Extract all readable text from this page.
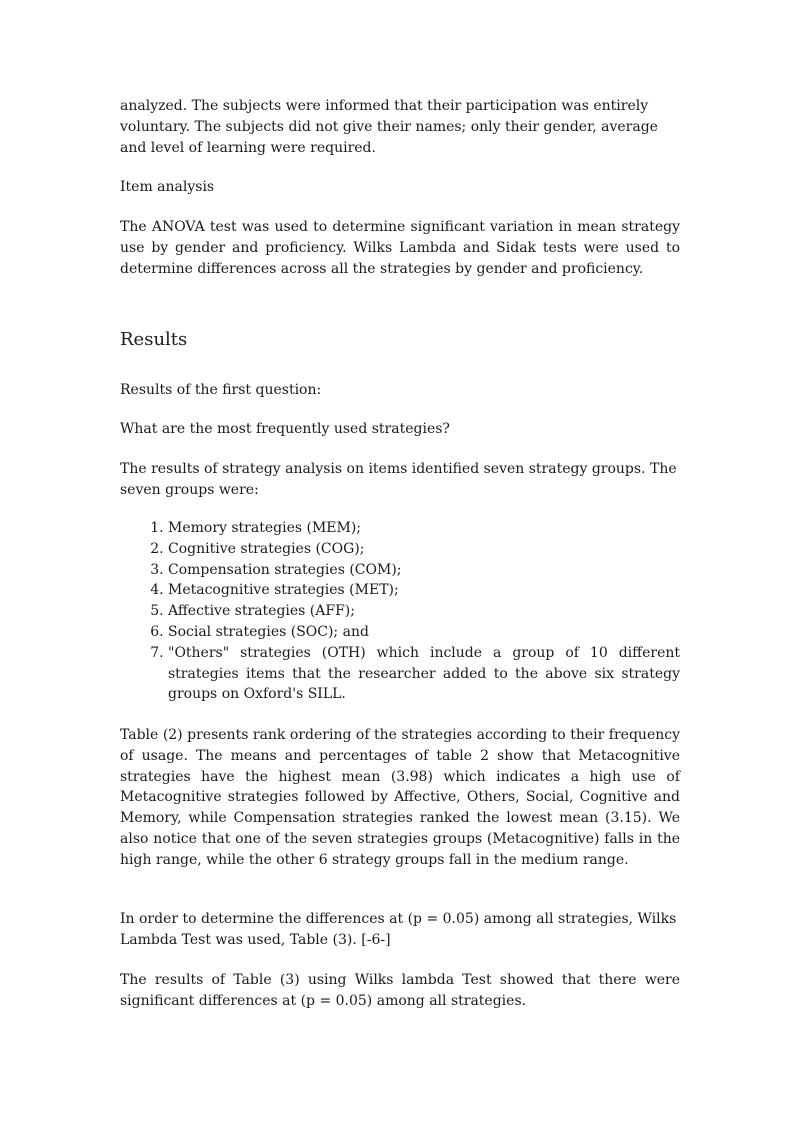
analyzed. The subjects were informed that their participation was entirely voluntary. The subjects did not give their names; only their gender, average and level of learning were required.

Item analysis

The ANOVA test was used to determine significant variation in mean strategy use by gender and proficiency. Wilks Lambda and Sidak tests were used to determine differences across all the strategies by gender and proficiency.

Results
Results of the first question:
What are the most frequently used strategies?

The results of strategy analysis on items identified seven strategy groups. The seven groups were:

1. Memory strategies (MEM);
2. Cognitive strategies (COG);
3. Compensation strategies (COM);
4. Metacognitive strategies (MET);
5. Affective strategies (AFF);
6. Social strategies (SOC); and
7. "Others" strategies (OTH) which include a group of 10 different strategies items that the researcher added to the above six strategy groups on Oxford's SILL.

Table (2) presents rank ordering of the strategies according to their frequency of usage. The means and percentages of table 2 show that Metacognitive strategies have the highest mean (3.98) which indicates a high use of Metacognitive strategies followed by Affective, Others, Social, Cognitive and Memory, while Compensation strategies ranked the lowest mean (3.15). We also notice that one of the seven strategies groups (Metacognitive) falls in the high range, while the other 6 strategy groups fall in the medium range.

In order to determine the differences at (p = 0.05) among all strategies, Wilks Lambda Test was used, Table (3). [-6-]

The results of Table (3) using Wilks lambda Test showed that there were significant differences at (p = 0.05) among all strategies.
